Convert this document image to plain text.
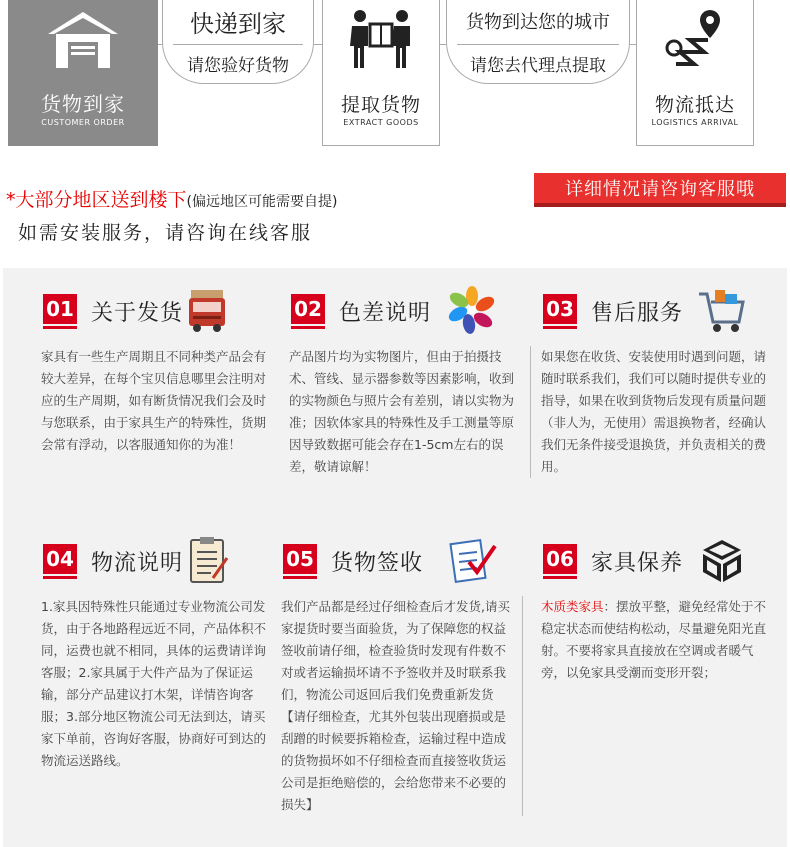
货物到家
CUSTOMER ORDER
快递到家
请您验好货物
提取货物
EXTRACT GOODS
货物到达您的城市
请您去代理点提取
物流抵达
LOGISTICS ARRIVAL
*大部分地区送到楼下(偏远地区可能需要自提)
如需安装服务，请咨询在线客服
详细情况请咨询客服哦
01 关于发货
家具有一些生产周期且不同种类产品会有较大差异，在每个宝贝信息哪里会注明对应的生产周期，如有断货情况我们会及时与您联系，由于家具生产的特殊性，货期会常有浮动，以客服通知你的为准！
02 色差说明
产品图片均为实物图片，但由于拍摄技术、管线、显示器参数等因素影响，收到的实物颜色与照片会有差别，请以实物为准；因软体家具的特殊性及手工测量等原因导致数据可能会存在1-5cm左右的误差，敬请谅解！
03 售后服务
如果您在收货、安装使用时遇到问题，请随时联系我们，我们可以随时提供专业的指导，如果在收到货物后发现有质量问题（非人为，无使用）需退换物者，经确认我们无条件接受退换货，并负责相关的费用。
04 物流说明
1.家具因特殊性只能通过专业物流公司发货，由于各地路程远近不同，产品体积不同，运费也就不相同，具体的运费请详询客服；2.家具属于大件产品为了保证运输，部分产品建议打木架，详情咨询客服；3.部分地区物流公司无法到达，请买家下单前，咨询好客服，协商好可到达的物流运送路线。
05 货物签收
我们产品都是经过仔细检查后才发货,请买家提货时要当面验货，为了保障您的权益签收前请仔细，检查验货时发现有件数不对或者运输损坏请不予签收并及时联系我们，物流公司返回后我们免费重新发货【请仔细检查，尤其外包装出现磨损或是刮蹭的时候要拆箱检查，运输过程中造成的货物损坏如不仔细检查而直接签收货运公司是拒绝赔偿的，会给您带来不必要的损失】
06 家具保养
木质类家具：摆放平整，避免经常处于不稳定状态而使结构松动，尽量避免阳光直射。不要将家具直接放在空调或者暖气旁，以免家具受潮而变形开裂；
